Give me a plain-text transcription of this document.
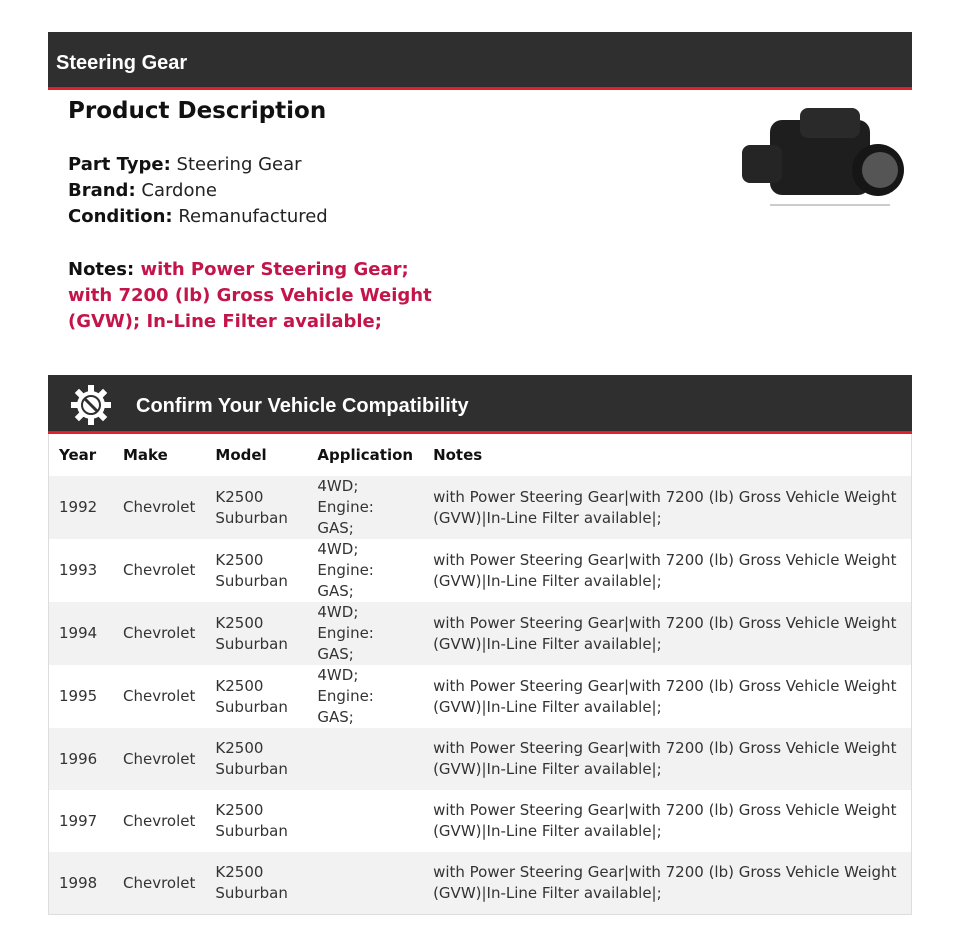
Steering Gear
Product Description
Part Type: Steering Gear
Brand: Cardone
Condition: Remanufactured
Notes: with Power Steering Gear; with 7200 (lb) Gross Vehicle Weight (GVW); In-Line Filter available;
Confirm Your Vehicle Compatibility
Year	Make	Model	Application	Notes
1992	Chevrolet	K2500 Suburban	4WD; Engine: GAS;	with Power Steering Gear|with 7200 (lb) Gross Vehicle Weight (GVW)|In-Line Filter available|;
1993	Chevrolet	K2500 Suburban	4WD; Engine: GAS;	with Power Steering Gear|with 7200 (lb) Gross Vehicle Weight (GVW)|In-Line Filter available|;
1994	Chevrolet	K2500 Suburban	4WD; Engine: GAS;	with Power Steering Gear|with 7200 (lb) Gross Vehicle Weight (GVW)|In-Line Filter available|;
1995	Chevrolet	K2500 Suburban	4WD; Engine: GAS;	with Power Steering Gear|with 7200 (lb) Gross Vehicle Weight (GVW)|In-Line Filter available|;
1996	Chevrolet	K2500 Suburban		with Power Steering Gear|with 7200 (lb) Gross Vehicle Weight (GVW)|In-Line Filter available|;
1997	Chevrolet	K2500 Suburban		with Power Steering Gear|with 7200 (lb) Gross Vehicle Weight (GVW)|In-Line Filter available|;
1998	Chevrolet	K2500 Suburban		with Power Steering Gear|with 7200 (lb) Gross Vehicle Weight (GVW)|In-Line Filter available|;
